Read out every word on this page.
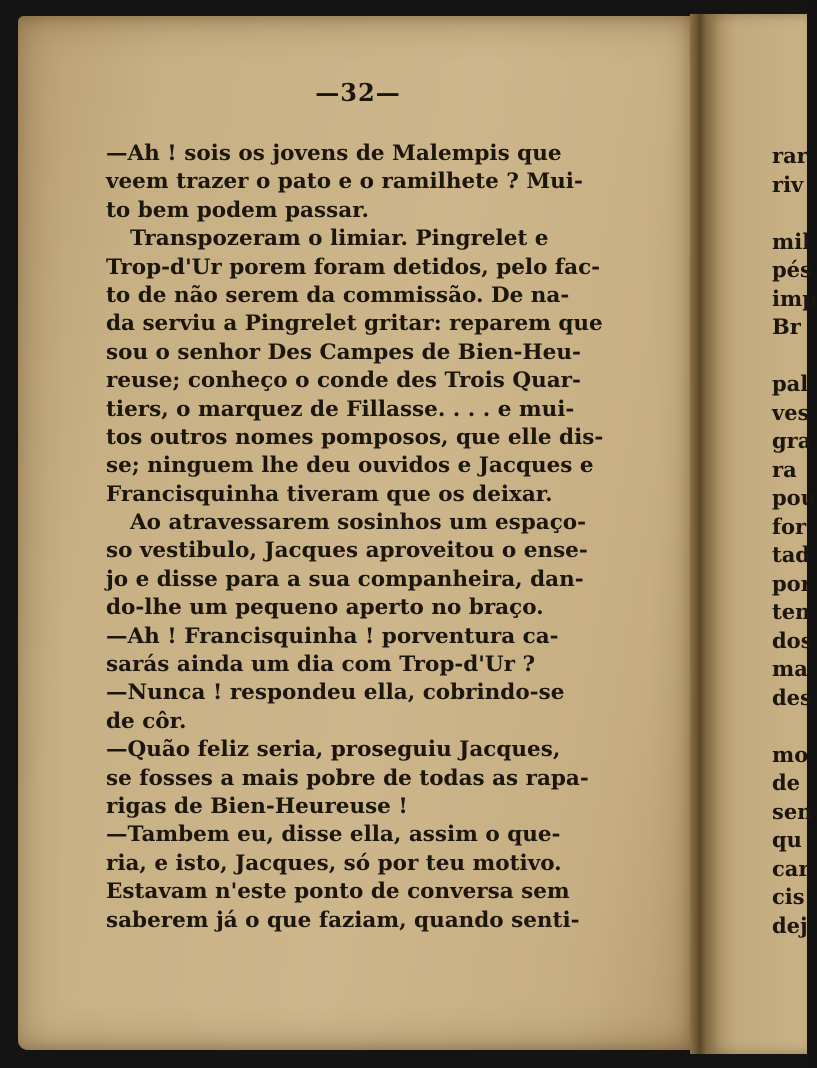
—32—
—Ah ! sois os jovens de Malempis que
veem trazer o pato e o ramilhete ? Mui-
to bem podem passar.
Transpozeram o limiar. Pingrelet e
Trop-d'Ur porem foram detidos, pelo fac-
to de não serem da commissão. De na-
da serviu a Pingrelet gritar: reparem que
sou o senhor Des Campes de Bien-Heu-
reuse; conheço o conde des Trois Quar-
tiers, o marquez de Fillasse. . . . e mui-
tos outros nomes pomposos, que elle dis-
se; ninguem lhe deu ouvidos e Jacques e
Francisquinha tiveram que os deixar.
Ao atravessarem sosinhos um espaço-
so vestibulo, Jacques aproveitou o ense-
jo e disse para a sua companheira, dan-
do-lhe um pequeno aperto no braço.
—Ah ! Francisquinha ! porventura ca-
sarás ainda um dia com Trop-d'Ur ?
—Nunca ! respondeu ella, cobrindo-se
de côr.
—Quão feliz seria, proseguiu Jacques,
se fosses a mais pobre de todas as rapa-
rigas de Bien-Heureuse !
—Tambem eu, disse ella, assim o que-
ria, e isto, Jacques, só por teu motivo.
Estavam n'este ponto de conversa sem
saberem já o que faziam, quando senti-
rar
riv
mil
pés
imp
Br
pal
ves
gra
ra
pou
for
tad
por
ten
dos
ma
des
mo
de
sen
qu
car
cis
dej
